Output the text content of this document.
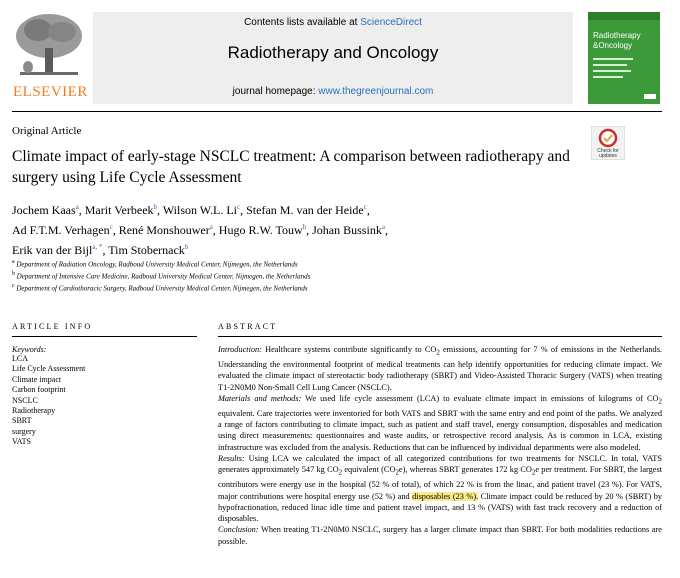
ELSEVIER
Contents lists available at ScienceDirect
Radiotherapy and Oncology
journal homepage: www.thegreenjournal.com
Radiotherapy
&Oncology
Original Article
Climate impact of early-stage NSCLC treatment: A comparison between radiotherapy and surgery using Life Cycle Assessment
Check for
updates
Jochem Kaas$^a$, Marit Verbeek$^b$, Wilson W.L. Li$^c$, Stefan M. van der Heide$^c$,
Ad F.T.M. Verhagen$^c$, René Monshouwer$^a$, Hugo R.W. Touw$^b$, Johan Bussink$^a$,
Erik van der Bijl$^{a, *}$, Tim Stobernack$^b$
$^a$ Department of Radiation Oncology, Radboud University Medical Center, Nijmegen, the Netherlands
$^b$ Department of Intensive Care Medicine, Radboud University Medical Center, Nijmegen, the Netherlands
$^c$ Department of Cardiothoracic Surgery, Radboud University Medical Center, Nijmegen, the Netherlands
ARTICLE INFO
Keywords:
LCA
Life Cycle Assessment
Climate impact
Carbon footprint
NSCLC
Radiotherapy
SBRT
surgery
VATS
ABSTRACT

Introduction: Healthcare systems contribute significantly to $CO_2$ emissions, accounting for 7 % of emissions in the Netherlands. Understanding the environmental footprint of medical treatments can help identify opportunities for reducing climate impact. We evaluated the climate impact of stereotactic body radiotherapy (SBRT) and Video-Assisted Thoracic Surgery (VATS) when treating T1-2N0M0 Non-Small Cell Lung Cancer (NSCLC).

Materials and methods: We used life cycle assessment (LCA) to evaluate climate impact in emissions of kilograms of $CO_2$ equivalent. Care trajectories were inventoried for both VATS and SBRT with the same entry and end point of the paths. We analyzed a range of factors contributing to climate impact, such as patient and staff travel, energy consumption, disposables and medication using direct measurements: questionnaires and waste audits, or retrospective record analysis. As is common in LCA, existing infrastructure was excluded from the analysis. Reductions that can be influenced by individual departments were also modeled.

Results: Using LCA we calculated the impact of all categorized contributions for two treatments for NSCLC. In total, VATS generates approximately 547 kg $CO_2$ equivalent $(CO_2e)$, whereas SBRT generates 172 kg $CO_2e$ per treatment. For SBRT, the largest contributors were energy use in the hospital (52 % of total), of which 22 % is from the linac, and patient travel (23 %). For VATS, major contributions were hospital energy use (52 %) and disposables (23 %). Climate impact could be reduced by 20 % (SBRT) by hypofractionation, reduced linac idle time and patient travel impact, and 13 % (VATS) with fast track recovery and a reduction of disposables.

Conclusion: When treating T1-2N0M0 NSCLC, surgery has a larger climate impact than SBRT. For both modalities reductions are possible.
